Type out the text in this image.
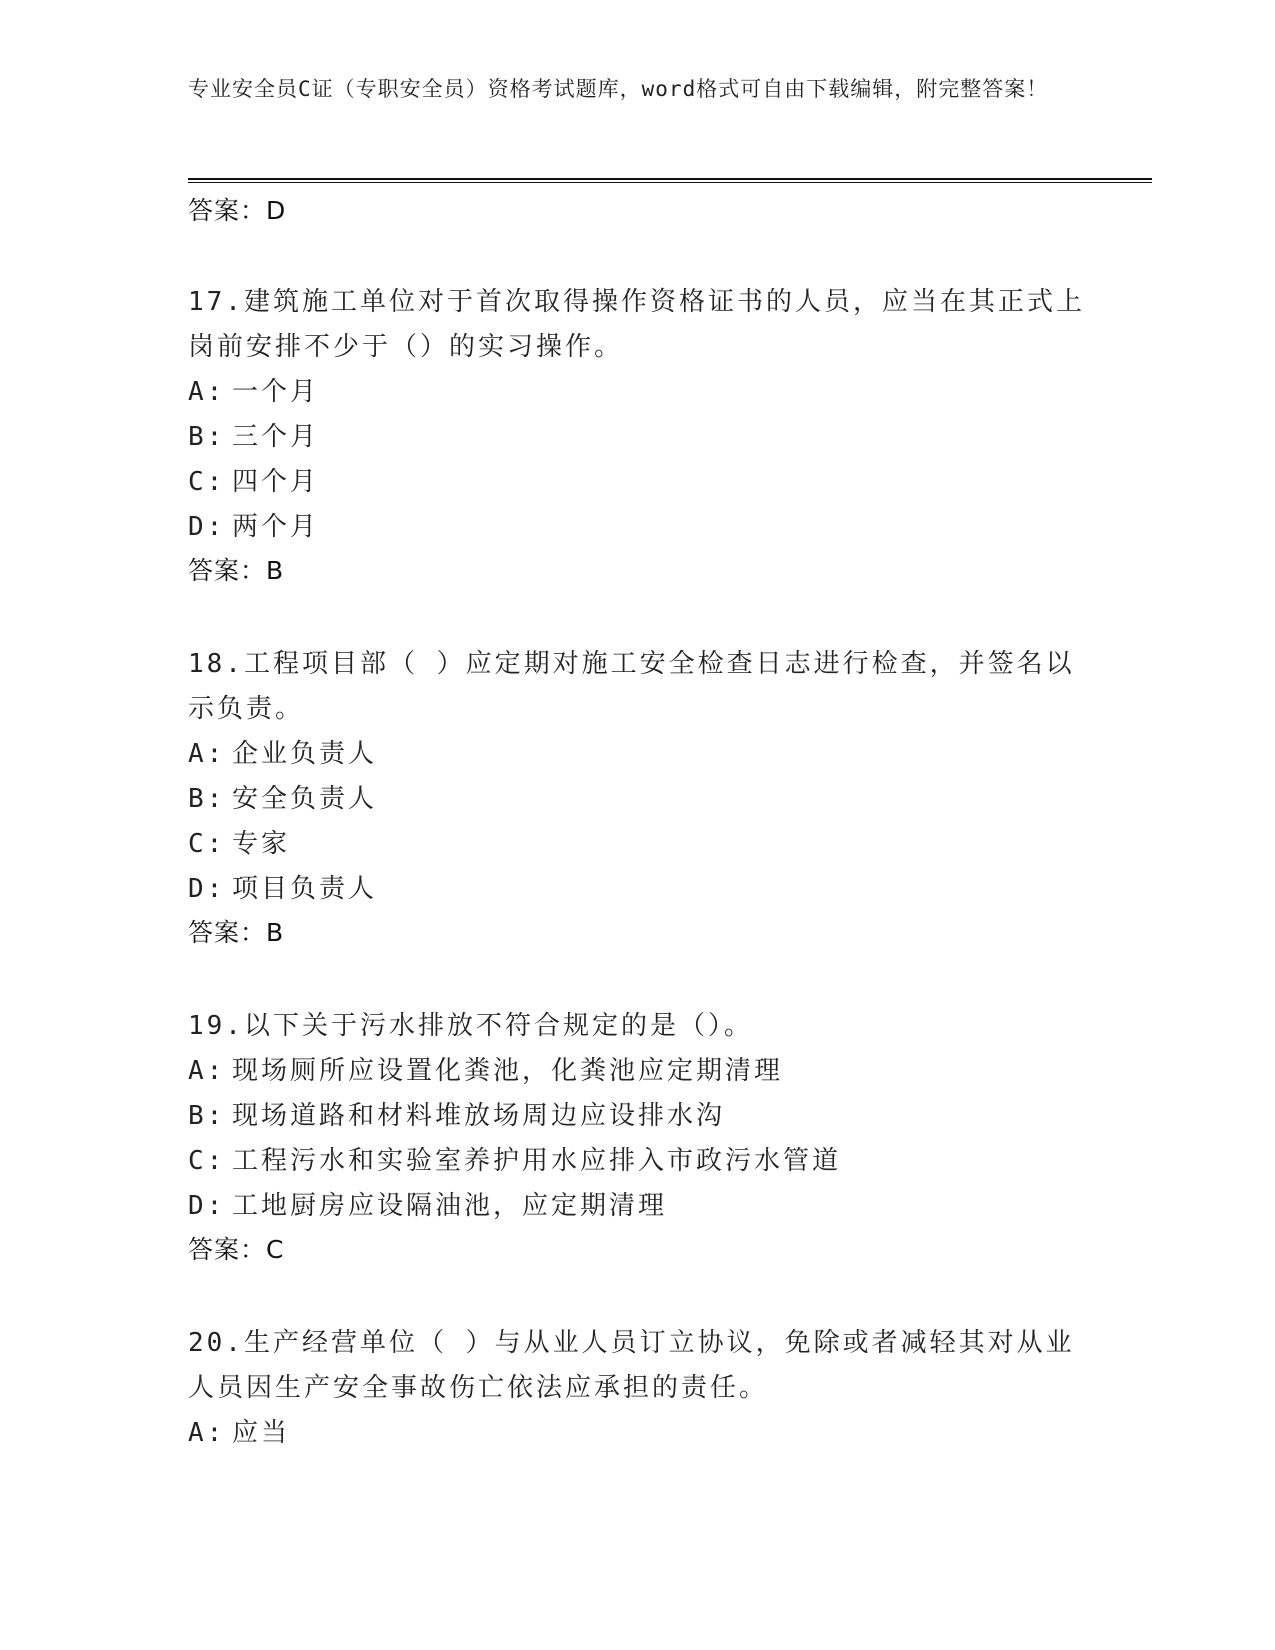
专业安全员C证（专职安全员）资格考试题库，word格式可自由下载编辑，附完整答案！
答案：D
17.建筑施工单位对于首次取得操作资格证书的人员，应当在其正式上岗前安排不少于（）的实习操作。
A: 一个月
B: 三个月
C: 四个月
D: 两个月
答案：B
18.工程项目部（ ）应定期对施工安全检查日志进行检查，并签名以示负责。
A: 企业负责人
B: 安全负责人
C: 专家
D: 项目负责人
答案：B
19.以下关于污水排放不符合规定的是（）。
A: 现场厕所应设置化粪池，化粪池应定期清理
B: 现场道路和材料堆放场周边应设排水沟
C: 工程污水和实验室养护用水应排入市政污水管道
D: 工地厨房应设隔油池，应定期清理
答案：C
20.生产经营单位（ ）与从业人员订立协议，免除或者减轻其对从业人员因生产安全事故伤亡依法应承担的责任。
A: 应当
